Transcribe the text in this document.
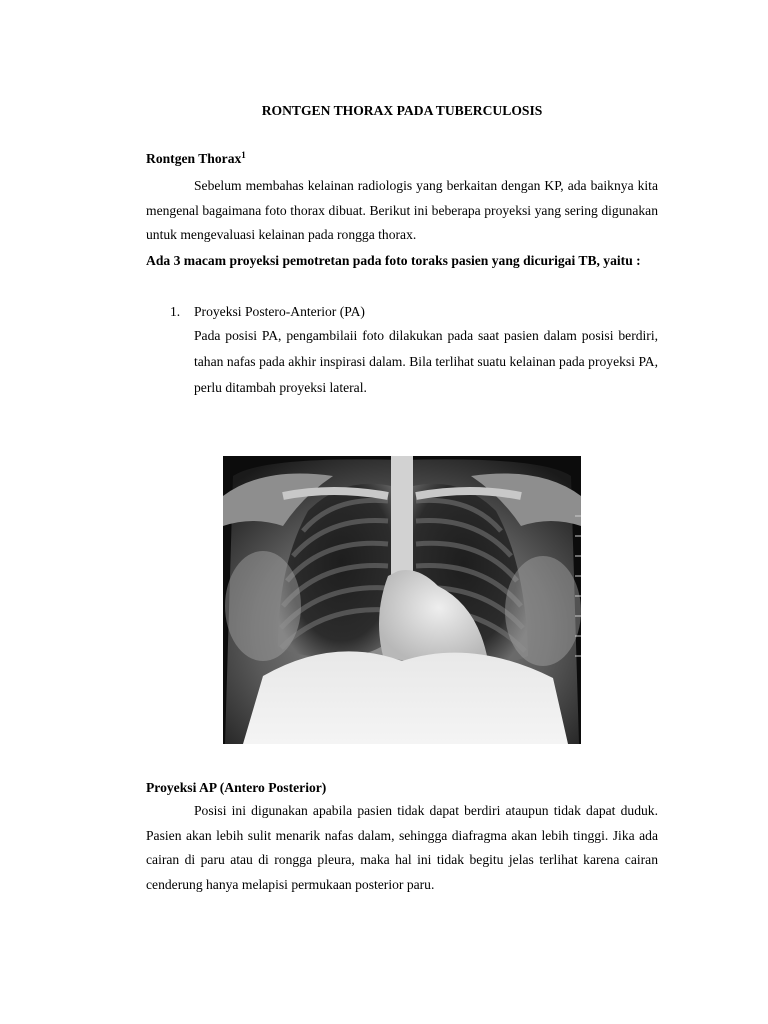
RONTGEN THORAX PADA TUBERCULOSIS
Rontgen Thorax$^1$

Sebelum membahas kelainan radiologis yang berkaitan dengan KP, ada baiknya kita mengenal bagaimana foto thorax dibuat. Berikut ini beberapa proyeksi yang sering digunakan untuk mengevaluasi kelainan pada rongga thorax.

Ada 3 macam proyeksi pemotretan pada foto toraks pasien yang dicurigai TB, yaitu :

1. Proyeksi Postero-Anterior (PA)

Pada posisi PA, pengambilaii foto dilakukan pada saat pasien dalam posisi berdiri, tahan nafas pada akhir inspirasi dalam. Bila terlihat suatu kelainan pada proyeksi PA, perlu ditambah proyeksi lateral.

Proyeksi AP (Antero Posterior)

Posisi ini digunakan apabila pasien tidak dapat berdiri ataupun tidak dapat duduk. Pasien akan lebih sulit menarik nafas dalam, sehingga diafragma akan lebih tinggi. Jika ada cairan di paru atau di rongga pleura, maka hal ini tidak begitu jelas terlihat karena cairan cenderung hanya melapisi permukaan posterior paru.
